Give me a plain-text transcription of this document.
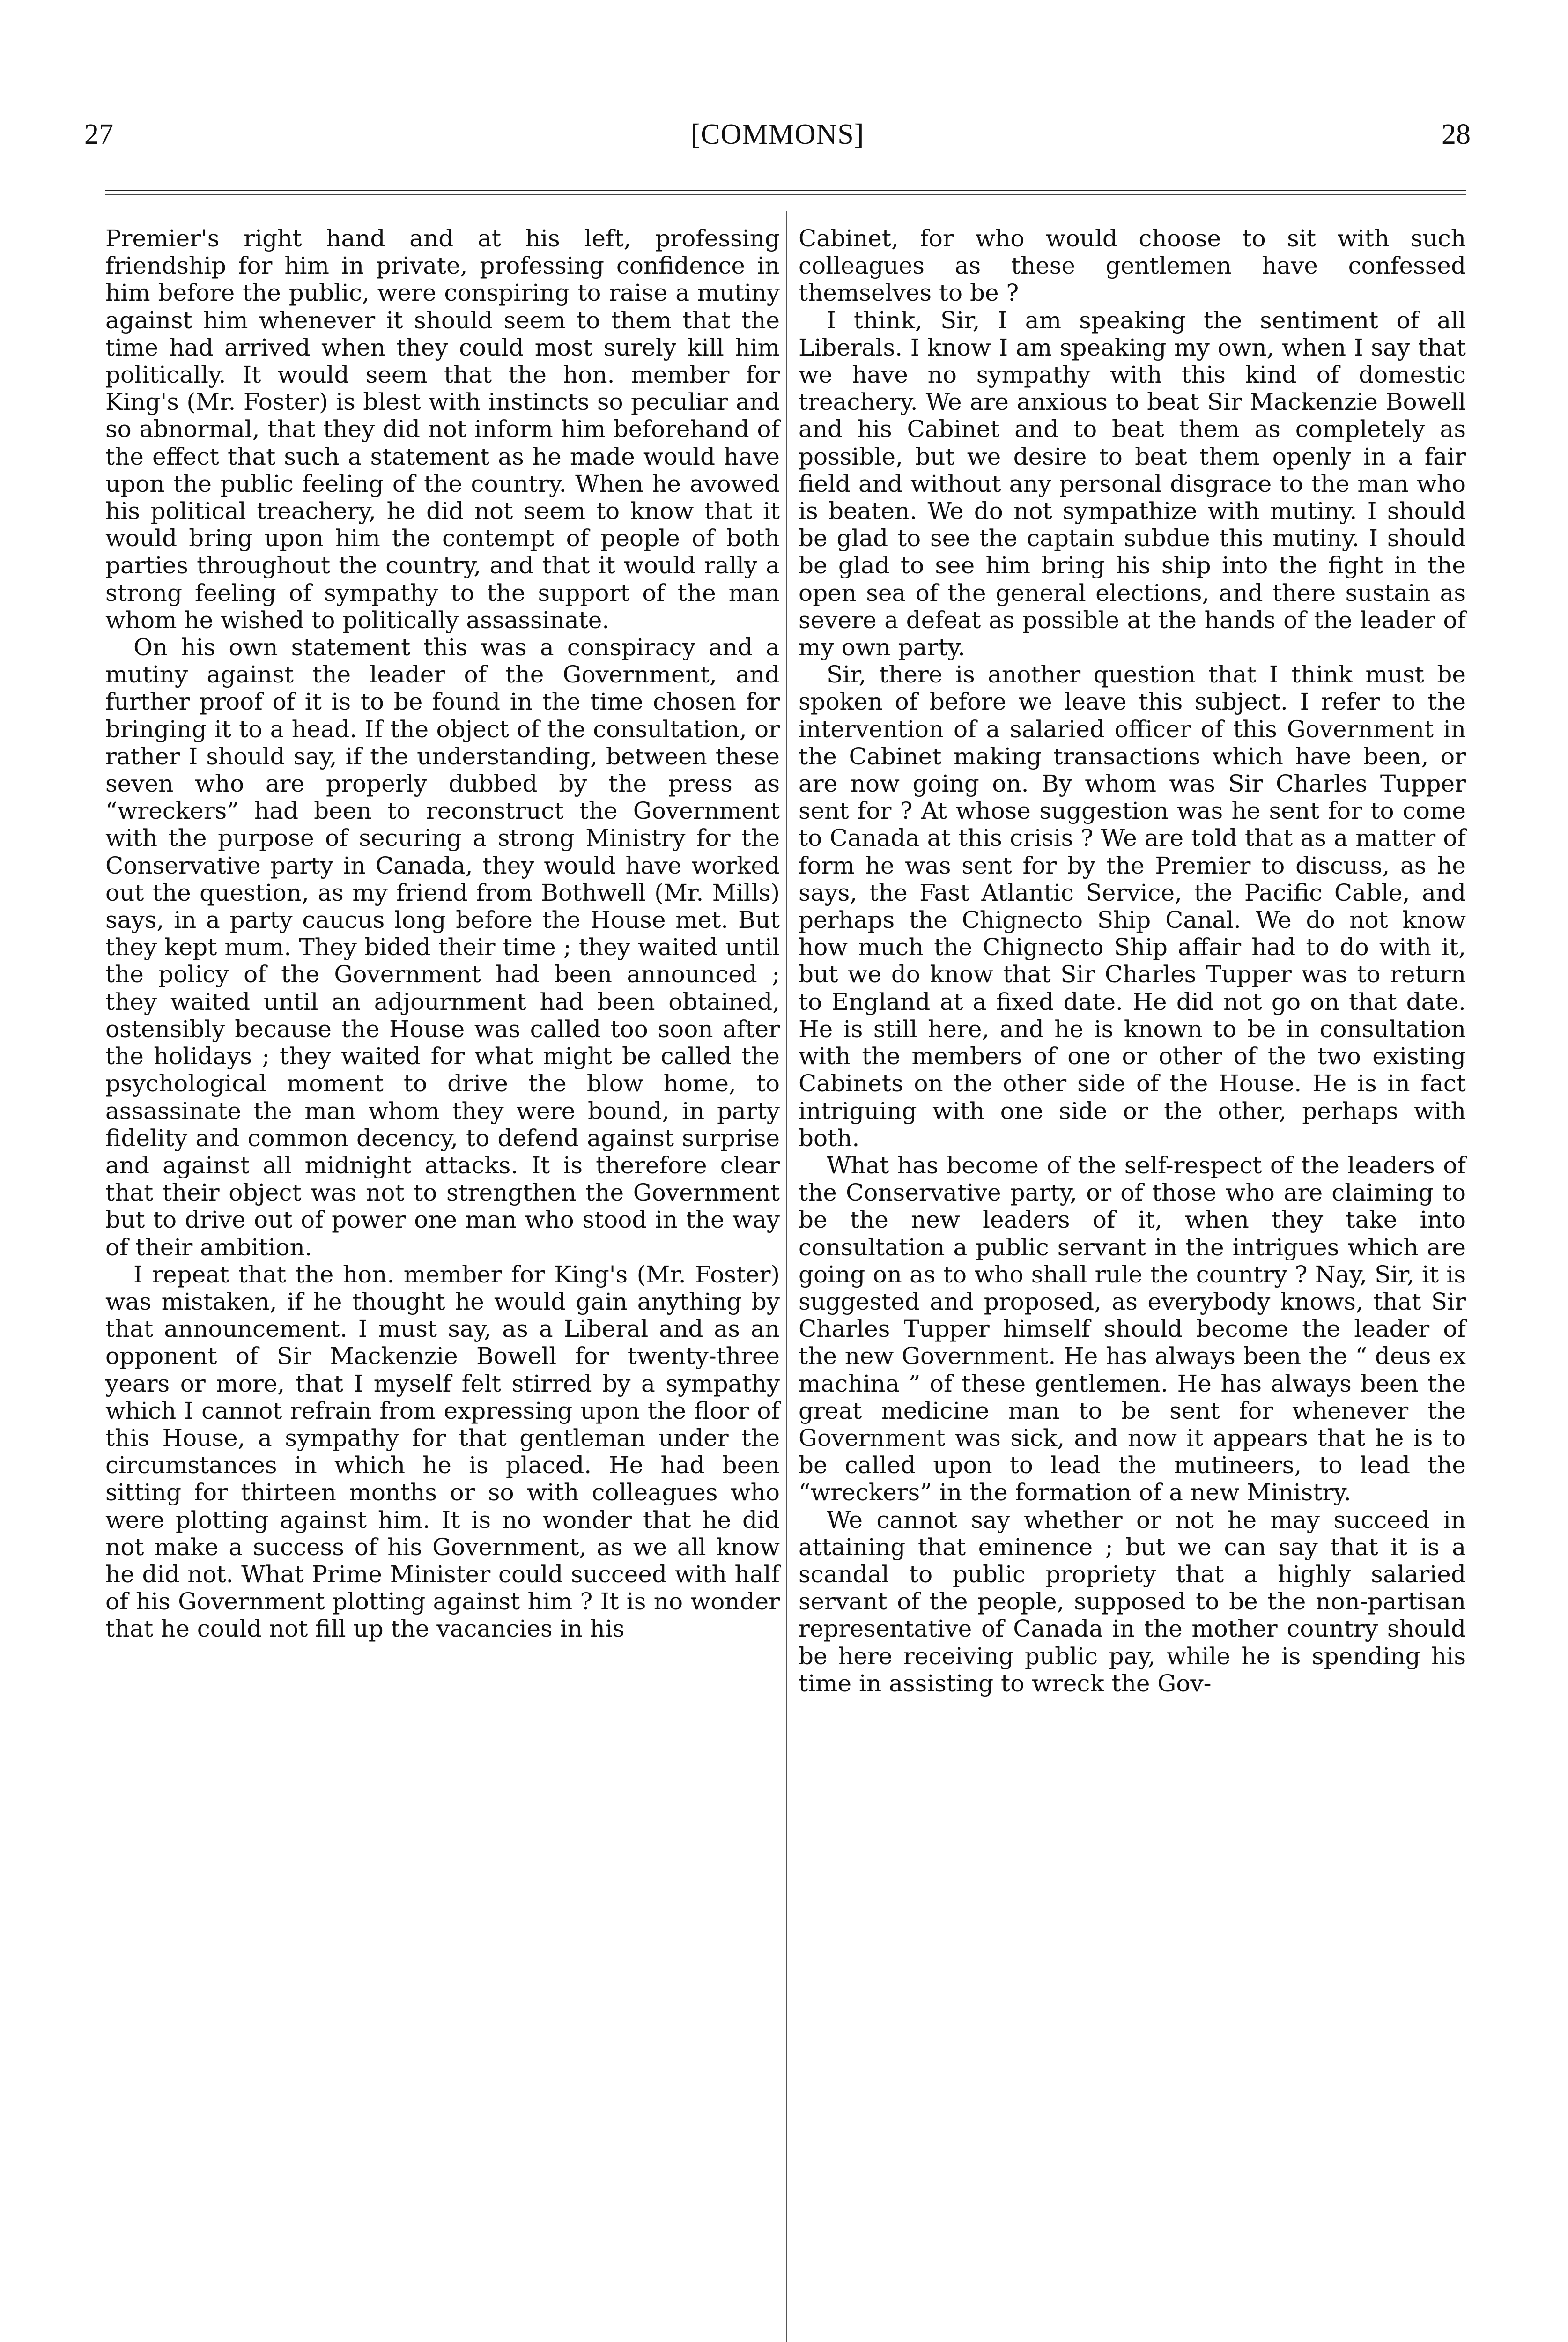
27	[COMMONS]	28

Premier's right hand and at his left, professing friendship for him in private, professing confidence in him before the public, were conspiring to raise a mutiny against him whenever it should seem to them that the time had arrived when they could most surely kill him politically. It would seem that the hon. member for King's (Mr. Foster) is blest with instincts so peculiar and so abnormal, that they did not inform him beforehand of the effect that such a statement as he made would have upon the public feeling of the country. When he avowed his political treachery, he did not seem to know that it would bring upon him the contempt of people of both parties throughout the country, and that it would rally a strong feeling of sympathy to the support of the man whom he wished to politically assassinate.

On his own statement this was a conspiracy and a mutiny against the leader of the Government, and further proof of it is to be found in the time chosen for bringing it to a head. If the object of the consultation, or rather I should say, if the understanding, between these seven who are properly dubbed by the press as “wreckers” had been to reconstruct the Government with the purpose of securing a strong Ministry for the Conservative party in Canada, they would have worked out the question, as my friend from Bothwell (Mr. Mills) says, in a party caucus long before the House met. But they kept mum. They bided their time ; they waited until the policy of the Government had been announced ; they waited until an adjournment had been obtained, ostensibly because the House was called too soon after the holidays ; they waited for what might be called the psychological moment to drive the blow home, to assassinate the man whom they were bound, in party fidelity and common decency, to defend against surprise and against all midnight attacks. It is therefore clear that their object was not to strengthen the Government but to drive out of power one man who stood in the way of their ambition.

I repeat that the hon. member for King's (Mr. Foster) was mistaken, if he thought he would gain anything by that announcement. I must say, as a Liberal and as an opponent of Sir Mackenzie Bowell for twenty-three years or more, that I myself felt stirred by a sympathy which I cannot refrain from expressing upon the floor of this House, a sympathy for that gentleman under the circumstances in which he is placed. He had been sitting for thirteen months or so with colleagues who were plotting against him. It is no wonder that he did not make a success of his Government, as we all know he did not. What Prime Minister could succeed with half of his Government plotting against him ? It is no wonder that he could not fill up the vacancies in his

Cabinet, for who would choose to sit with such colleagues as these gentlemen have confessed themselves to be ?

I think, Sir, I am speaking the sentiment of all Liberals. I know I am speaking my own, when I say that we have no sympathy with this kind of domestic treachery. We are anxious to beat Sir Mackenzie Bowell and his Cabinet and to beat them as completely as possible, but we desire to beat them openly in a fair field and without any personal disgrace to the man who is beaten. We do not sympathize with mutiny. I should be glad to see the captain subdue this mutiny. I should be glad to see him bring his ship into the fight in the open sea of the general elections, and there sustain as severe a defeat as possible at the hands of the leader of my own party.

Sir, there is another question that I think must be spoken of before we leave this subject. I refer to the intervention of a salaried officer of this Government in the Cabinet making transactions which have been, or are now going on. By whom was Sir Charles Tupper sent for ? At whose suggestion was he sent for to come to Canada at this crisis ? We are told that as a matter of form he was sent for by the Premier to discuss, as he says, the Fast Atlantic Service, the Pacific Cable, and perhaps the Chignecto Ship Canal. We do not know how much the Chignecto Ship affair had to do with it, but we do know that Sir Charles Tupper was to return to England at a fixed date. He did not go on that date. He is still here, and he is known to be in consultation with the members of one or other of the two existing Cabinets on the other side of the House. He is in fact intriguing with one side or the other, perhaps with both.

What has become of the self-respect of the leaders of the Conservative party, or of those who are claiming to be the new leaders of it, when they take into consultation a public servant in the intrigues which are going on as to who shall rule the country ? Nay, Sir, it is suggested and proposed, as everybody knows, that Sir Charles Tupper himself should become the leader of the new Government. He has always been the “ deus ex machina ” of these gentlemen. He has always been the great medicine man to be sent for whenever the Government was sick, and now it appears that he is to be called upon to lead the mutineers, to lead the “wreckers” in the formation of a new Ministry.

We cannot say whether or not he may succeed in attaining that eminence ; but we can say that it is a scandal to public propriety that a highly salaried servant of the people, supposed to be the non-partisan representative of Canada in the mother country should be here receiving public pay, while he is spending his time in assisting to wreck the Gov-
